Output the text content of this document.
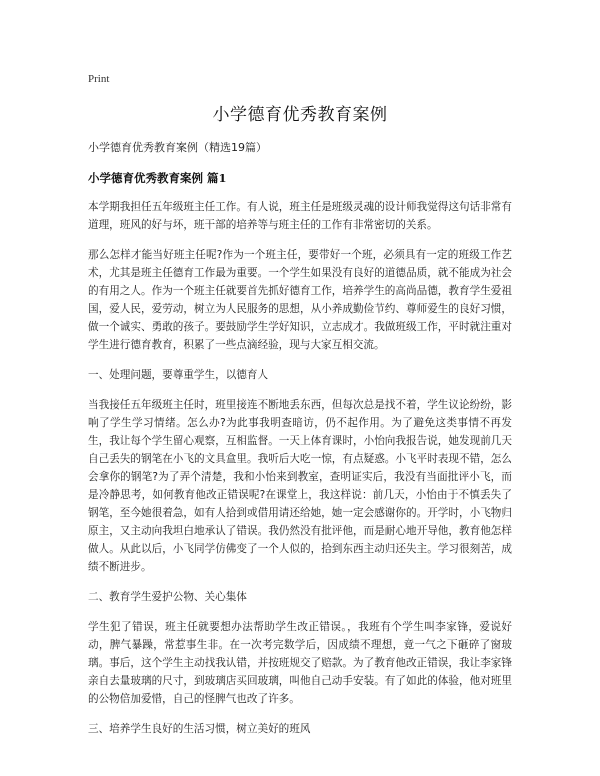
Print
小学德育优秀教育案例
小学德育优秀教育案例（精选19篇）
小学德育优秀教育案例 篇1

本学期我担任五年级班主任工作。有人说，班主任是班级灵魂的设计师我觉得这句话非常有道理，班风的好与坏，班干部的培养等与班主任的工作有非常密切的关系。

那么怎样才能当好班主任呢?作为一个班主任，要带好一个班，必须具有一定的班级工作艺术，尤其是班主任德育工作最为重要。一个学生如果没有良好的道德品质，就不能成为社会的有用之人。作为一个班主任就要首先抓好德育工作，培养学生的高尚品德，教育学生爱祖国，爱人民，爱劳动，树立为人民服务的思想，从小养成勤俭节约、尊师爱生的良好习惯，做一个诚实、勇敢的孩子。要鼓励学生学好知识，立志成才。我做班级工作，平时就注重对学生进行德育教育，积累了一些点滴经验，现与大家互相交流。

一、处理问题，要尊重学生，以德育人

当我接任五年级班主任时，班里接连不断地丢东西，但每次总是找不着，学生议论纷纷，影响了学生学习情绪。怎么办?为此事我明查暗访，仍不起作用。为了避免这类事情不再发生，我让每个学生留心观察，互相监督。一天上体育课时，小怡向我报告说，她发现前几天自己丢失的钢笔在小飞的文具盒里。我听后大吃一惊，有点疑惑。小飞平时表现不错，怎么会拿你的钢笔?为了弄个清楚，我和小怡来到教室，查明证实后，我没有当面批评小飞，而是冷静思考，如何教育他改正错误呢?在课堂上，我这样说：前几天，小怡由于不慎丢失了钢笔，至今她很着急，如有人拾到或借用请还给她，她一定会感谢你的。开学时，小飞物归原主，又主动向我坦白地承认了错误。我仍然没有批评他，而是耐心地开导他，教育他怎样做人。从此以后，小飞同学仿佛变了一个人似的，拾到东西主动归还失主。学习很刻苦，成绩不断进步。

二、教育学生爱护公物、关心集体

学生犯了错误，班主任就要想办法帮助学生改正错误。，我班有个学生叫李家锋，爱说好动，脾气暴躁，常惹事生非。在一次考完数学后，因成绩不理想，竟一气之下砸碎了窗玻璃。事后，这个学生主动找我认错，并按班规交了赔款。为了教育他改正错误，我让李家锋亲自去量玻璃的尺寸，到玻璃店买回玻璃，叫他自己动手安装。有了如此的体验，他对班里的公物倍加爱惜，自己的怪脾气也改了许多。

三、培养学生良好的生活习惯，树立美好的班风
